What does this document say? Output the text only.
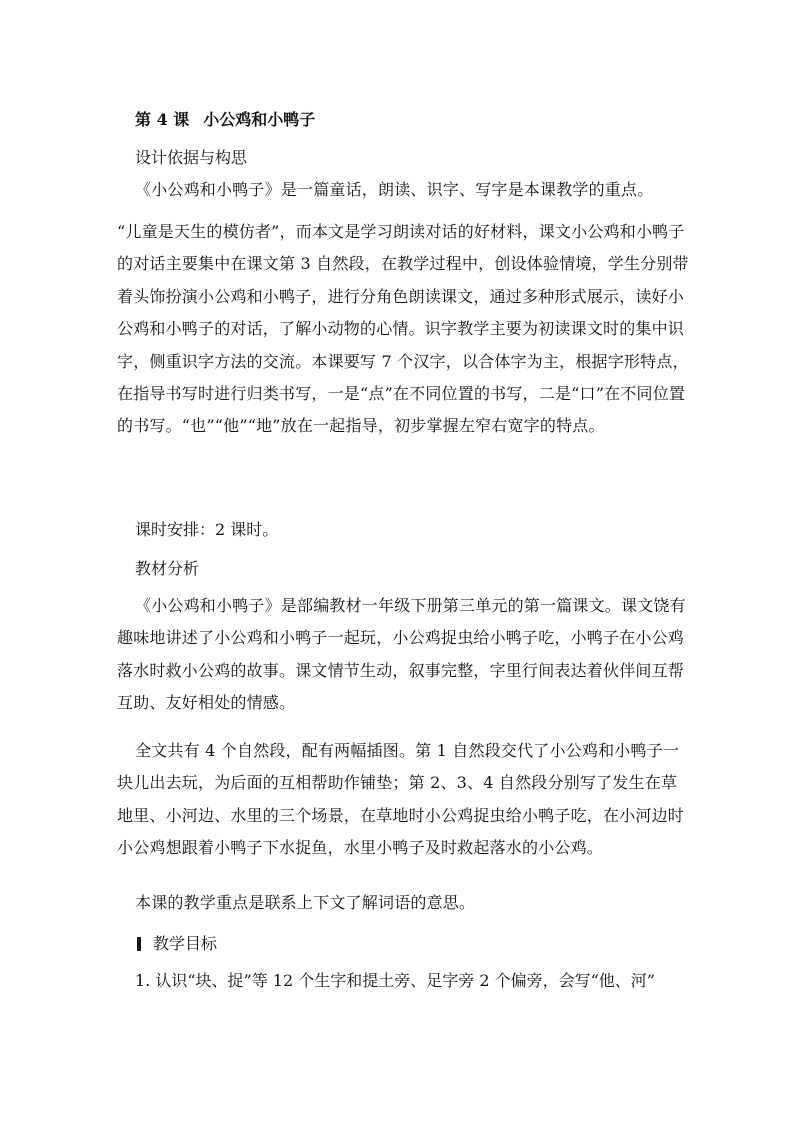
第 4 课 小公鸡和小鸭子
设计依据与构思

《小公鸡和小鸭子》是一篇童话，朗读、识字、写字是本课教学的重点。

“儿童是天生的模仿者”，而本文是学习朗读对话的好材料，课文小公鸡和小鸭子的对话主要集中在课文第 3 自然段，在教学过程中，创设体验情境，学生分别带着头饰扮演小公鸡和小鸭子，进行分角色朗读课文，通过多种形式展示，读好小公鸡和小鸭子的对话，了解小动物的心情。识字教学主要为初读课文时的集中识字，侧重识字方法的交流。本课要写 7 个汉字，以合体字为主，根据字形特点，在指导书写时进行归类书写，一是“点”在不同位置的书写，二是“口”在不同位置的书写。“也”“他”“地”放在一起指导，初步掌握左窄右宽字的特点。

课时安排：2 课时。
教材分析

《小公鸡和小鸭子》是部编教材一年级下册第三单元的第一篇课文。课文饶有趣味地讲述了小公鸡和小鸭子一起玩，小公鸡捉虫给小鸭子吃，小鸭子在小公鸡落水时救小公鸡的故事。课文情节生动，叙事完整，字里行间表达着伙伴间互帮互助、友好相处的情感。

全文共有 4 个自然段，配有两幅插图。第 1 自然段交代了小公鸡和小鸭子一块儿出去玩，为后面的互相帮助作铺垫；第 2、3、4 自然段分别写了发生在草地里、小河边、水里的三个场景，在草地时小公鸡捉虫给小鸭子吃，在小河边时小公鸡想跟着小鸭子下水捉鱼，水里小鸭子及时救起落水的小公鸡。

本课的教学重点是联系上下文了解词语的意思。

教学目标
1. 认识“块、捉”等 12 个生字和提土旁、足字旁 2 个偏旁，会写“他、河”
